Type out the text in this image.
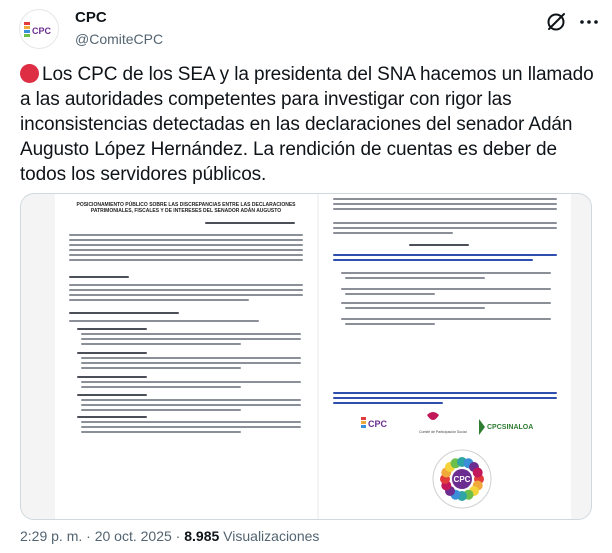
CPC
CPC
@ComiteCPC
Los CPC de los SEA y la presidenta del SNA hacemos un llamado a las autoridades competentes para investigar con rigor las inconsistencias detectadas en las declaraciones del senador Adán Augusto López Hernández. La rendición de cuentas es deber de todos los servidores públicos.
POSICIONAMIENTO PÚBLICO SOBRE LAS DISCREPANCIAS ENTRE LAS DECLARACIONES PATRIMONIALES, FISCALES Y DE INTERESES DEL SENADOR ADÁN AUGUSTO
CPC
Comité de Participación Social
CPCSINALOA
CPC
2:29 p. m. · 20 oct. 2025 · 8.985 Visualizaciones
